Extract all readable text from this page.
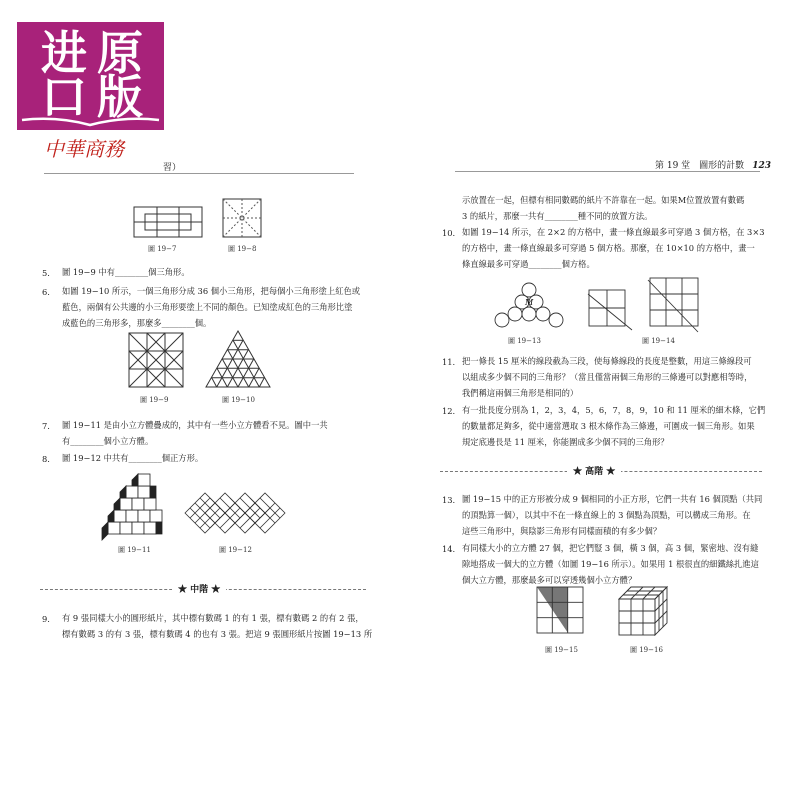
进 原
口 版
中華商務
習）	第 19 堂　圖形的計數 123
圖 19−7	圖 19−8
5. 圖 19−9 中有________個三角形。
6. 如圖 19−10 所示，一個三角形分成 36 個小三角形，把每個小三角形塗上紅色或
藍色，兩個有公共邊的小三角形要塗上不同的顏色。已知塗成紅色的三角形比塗
成藍色的三角形多，那麼多________個。
圖 19−9	圖 19−10
7. 圖 19−11 是由小立方體疊成的，其中有一些小立方體看不見。圖中一共
有________個小立方體。
8. 圖 19−12 中共有________個正方形。
圖 19−11	圖 19−12
★ 中階 ★
9. 有 9 張同樣大小的圓形紙片，其中標有數碼 1 的有 1 張，標有數碼 2 的有 2 張，
標有數碼 3 的有 3 張，標有數碼 4 的也有 3 張。把這 9 張圓形紙片按圖 19−13 所
示放置在一起，但標有相同數碼的紙片不許靠在一起。如果M位置放置有數碼
3 的紙片，那麼一共有________種不同的放置方法。
10. 如圖 19−14 所示，在 2×2 的方格中，畫一條直線最多可穿過 3 個方格，在 3×3
的方格中，畫一條直線最多可穿過 5 個方格。那麼，在 10×10 的方格中，畫一
條直線最多可穿過________個方格。
M
圖 19−13	圖 19−14
11. 把一條長 15 厘米的線段截為三段，使每條線段的長度是整數，用這三條線段可
以組成多少個不同的三角形？（當且僅當兩個三角形的三條邊可以對應相等時，
我們稱這兩個三角形是相同的）
12. 有一批長度分別為 1，2，3，4，5，6，7，8，9，10 和 11 厘米的細木條，它們
的數量都足夠多，從中適當選取 3 根木條作為三條邊，可圍成一個三角形。如果
規定底邊長是 11 厘米，你能圍成多少個不同的三角形？
★ 高階 ★
13. 圖 19−15 中的正方形被分成 9 個相同的小正方形，它們一共有 16 個頂點（共同
的頂點算一個），以其中不在一條直線上的 3 個點為頂點，可以構成三角形。在
這些三角形中，與陰影三角形有同樣面積的有多少個？
14. 有同樣大小的立方體 27 個，把它們豎 3 個，橫 3 個，高 3 個，緊密地、沒有縫
隙地搭成一個大的立方體（如圖 19−16 所示）。如果用 1 根很直的細鐵絲扎進這
個大立方體，那麼最多可以穿透幾個小立方體？
圖 19−15	圖 19−16
